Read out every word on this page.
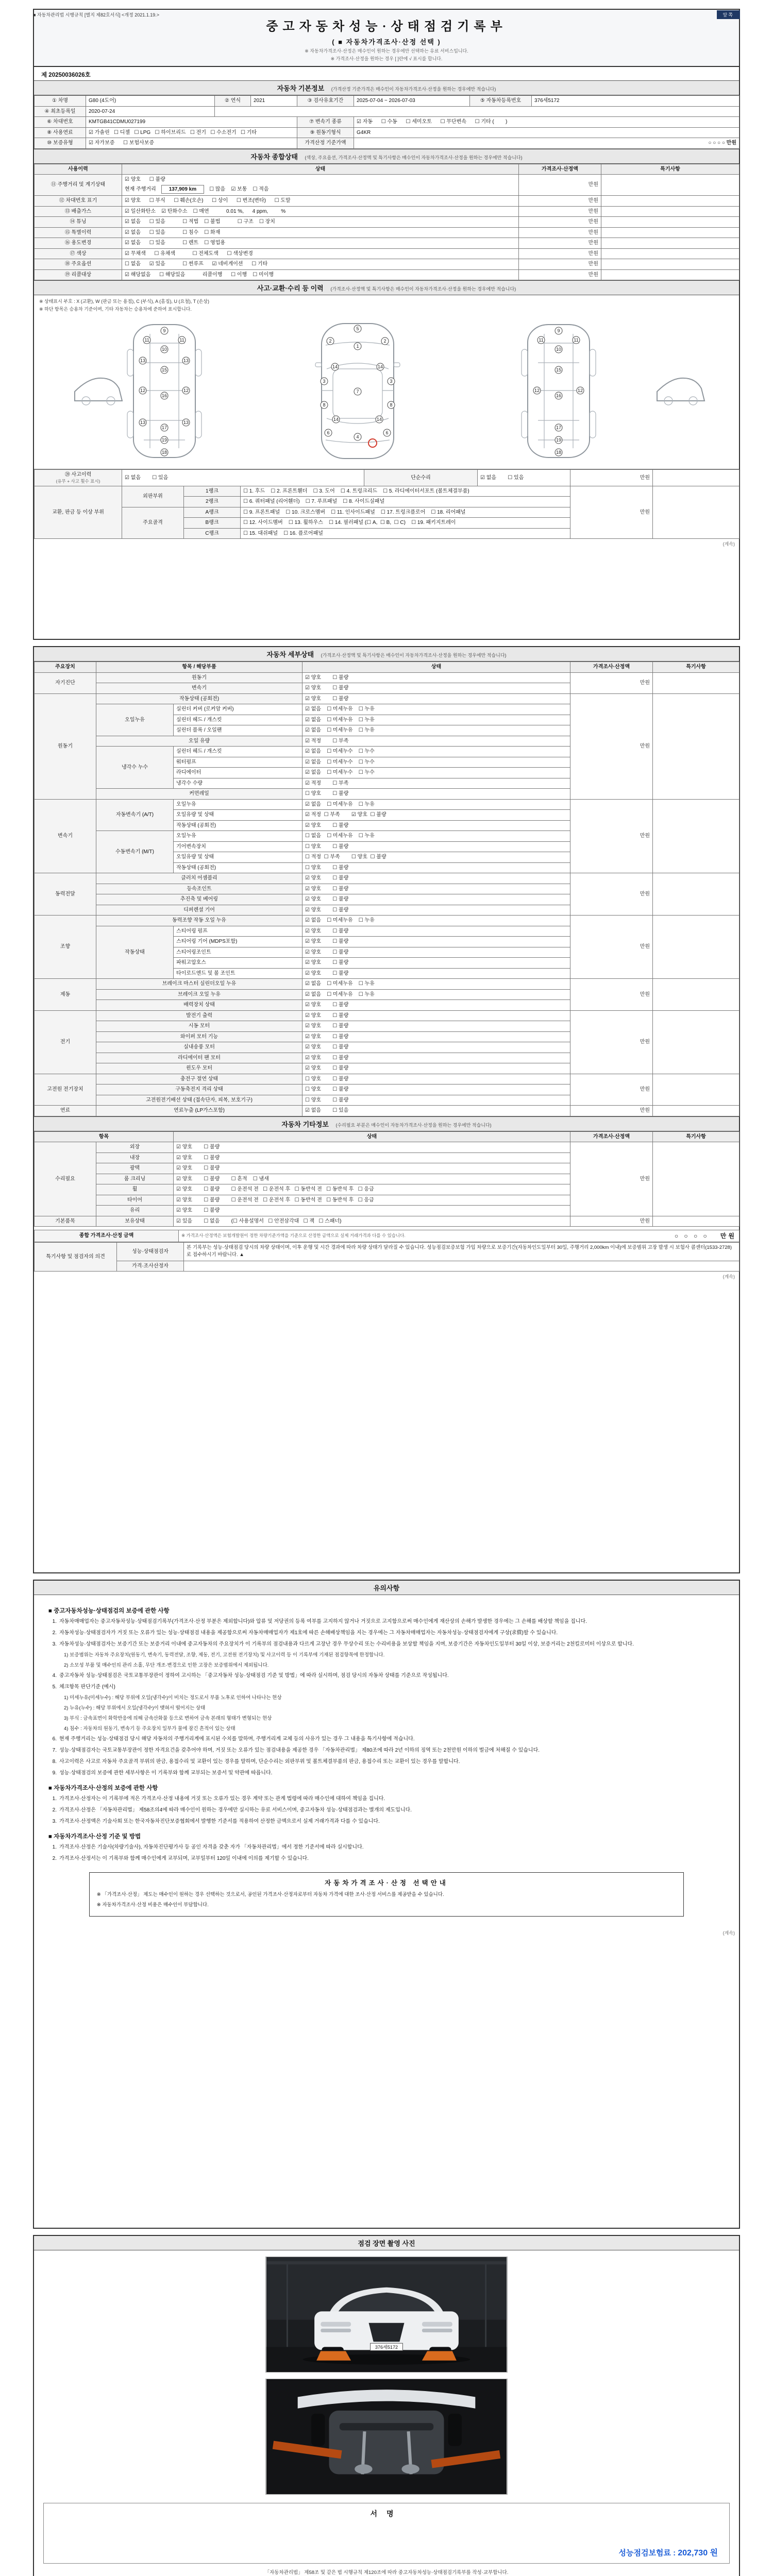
■ 자동차관리법 시행규칙 [별지 제82호서식] <개정 2021.1.19.>	앞쪽
중고자동차성능·상태점검기록부
( ■ 자동차가격조사·산정 선택 )
※ 자동차가격조사·산정은 매수인이 원하는 경우에만 선택하는 유료 서비스입니다.
※ 가격조사·산정을 원하는 경우 [ ]란에 √ 표시를 합니다.
제 20250036026호
자동차 기본정보 (가격산정 기준가격은 매수인이 자동차가격조사·산정을 원하는 경우에만 적습니다)
① 차명	G80 (4도어)	② 연식	2021	③ 검사유효기간	2025-07-04 ~ 2026-07-03	⑤ 자동차등록번호	376세5172
④ 최초등록일	2020-07-24						
⑥ 차대번호	KMTGB41CDMU027199			⑦ 변속기 종류	☑ 자동      ☐ 수동      ☐ 세미오토      ☐ 무단변속      ☐ 기타 (        )		
⑧ 사용연료	☑ 가솔린   ☐ 디젤   ☐ LPG   ☐ 하이브리드   ☐ 전기   ☐ 수소전기   ☐ 기타			⑨ 원동기형식	G4KR		
⑩ 보증유형	☑ 자가보증      ☐ 보험사보증			가격산정 기준가액	○ ○ ○ ○ 만원		
자동차 종합상태 (색상, 주요옵션, 가격조사·산정액 및 특기사항은 매수인이 자동차가격조사·산정을 원하는 경우에만 적습니다)
사용이력	상태	가격조사·산정액	특기사항
⑪ 주행거리 및 계기상태	☑ 양호      ☐ 불량
현재 주행거리 137,909 km ☐ 많음    ☑ 보통    ☐ 적음	만원	
⑫ 차대번호 표기	☑ 양호      ☐ 부식      ☐ 훼손(오손)      ☐ 상이      ☐ 변조(변타)      ☐ 도말	만원	
⑬ 배출가스	☑ 일산화탄소    ☑ 탄화수소    ☐ 매연            0.01 %,      4 ppm,         %	만원	
⑭ 튜닝	☑ 없음      ☐ 있음            ☐ 적법    ☐ 불법            ☐ 구조    ☐ 장치	만원	
⑮ 특별이력	☑ 없음      ☐ 있음            ☐ 침수    ☐ 화재	만원	
⑯ 용도변경	☑ 없음      ☐ 있음            ☐ 렌트    ☐ 영업용	만원	
⑰ 색상	☑ 무채색      ☐ 유채색            ☐ 전체도색      ☐ 색상변경	만원	
⑱ 주요옵션	☐ 없음      ☑ 있음            ☐ 썬루프      ☑ 네비게이션      ☐ 기타	만원	
⑲ 리콜대상	☑ 해당없음      ☐ 해당있음            리콜이행      ☐ 이행    ☐ 미이행	만원	
사고·교환·수리 등 이력 (가격조사·산정액 및 특기사항은 매수인이 자동차가격조사·산정을 원하는 경우에만 적습니다)
※ 상태표시 부호 : X (교환), W (판금 또는 용접), C (부식), A (흠집), U (요철), T (손상)
※ 하단 항목은 승용차 기준이며, 기타 자동차는 승용차에 준하여 표시합니다.
9
10
11	11
15
13	13
12	12
16
13	13
17
19
18
5
1
2	2
14	14
3	3
7
8	8
14	14
6	6
4
9
10
11	11
15
12	12
16
17
19
18
⑳ 사고이력
(유무 + 사고 횟수 표시)	☑ 없음        ☐ 있음			단순수리	☑ 없음        ☐ 있음	만원	
교환, 판금 등 이상 부위	외판부위	1랭크	☐ 1. 후드    ☐ 2. 프론트휀더    ☐ 3. 도어    ☐ 4. 트렁크리드    ☐ 5. 라디에이터서포트 (볼트체결부품)			만원	
		2랭크	☐ 6. 쿼터패널 (리어휀더)    ☐ 7. 루프패널    ☐ 8. 사이드실패널				
	주요골격	A랭크	☐ 9. 프론트패널    ☐ 10. 크로스멤버    ☐ 11. 인사이드패널    ☐ 17. 트렁크플로어    ☐ 18. 리어패널				
		B랭크	☐ 12. 사이드멤버    ☐ 13. 휠하우스    ☐ 14. 필러패널 (☐ A,  ☐ B,  ☐ C)    ☐ 19. 패키지트레이				
		C랭크	☐ 15. 대쉬패널    ☐ 16. 플로어패널				
(계속)
자동차 세부상태 (가격조사·산정액 및 특기사항은 매수인이 자동차가격조사·산정을 원하는 경우에만 적습니다)
주요장치	항목 / 해당부품		상태	가격조사·산정액	특기사항
자기진단	원동기		☑ 양호        ☐ 불량	만원	
	변속기		☑ 양호        ☐ 불량		
원동기	작동상태 (공회전)		☑ 양호        ☐ 불량	만원	
	오일누유	실린더 커버 (로커암 커버)	☑ 없음    ☐ 미세누유    ☐ 누유		
		실린더 헤드 / 개스킷	☑ 없음    ☐ 미세누유    ☐ 누유		
		실린더 블록 / 오일팬	☑ 없음    ☐ 미세누유    ☐ 누유		
	오일 유량		☑ 적정        ☐ 부족		
	냉각수 누수	실린더 헤드 / 개스킷	☑ 없음    ☐ 미세누수    ☐ 누수		
		워터펌프	☑ 없음    ☐ 미세누수    ☐ 누수		
		라디에이터	☑ 없음    ☐ 미세누수    ☐ 누수		
		냉각수 수량	☑ 적정        ☐ 부족		
	커먼레일		☐ 양호        ☐ 불량		
변속기	자동변속기 (A/T)	오일누유	☑ 없음    ☐ 미세누유    ☐ 누유	만원	
		오일유량 및 상태	☑ 적정  ☐ 부족        ☑ 양호  ☐ 불량		
		작동상태 (공회전)	☑ 양호        ☐ 불량		
	수동변속기 (M/T)	오일누유	☐ 없음    ☐ 미세누유    ☐ 누유		
		기어변속장치	☐ 양호        ☐ 불량		
		오일유량 및 상태	☐ 적정  ☐ 부족        ☐ 양호  ☐ 불량		
		작동상태 (공회전)	☐ 양호        ☐ 불량		
동력전달	클러치 어셈블리		☑ 양호        ☐ 불량	만원	
	등속조인트		☑ 양호        ☐ 불량		
	추진축 및 베어링		☑ 양호        ☐ 불량		
	디퍼렌셜 기어		☑ 양호        ☐ 불량		
조향	동력조향 작동 오일 누유		☑ 없음    ☐ 미세누유    ☐ 누유	만원	
	작동상태	스티어링 펌프	☑ 양호        ☐ 불량		
		스티어링 기어 (MDPS포함)	☑ 양호        ☐ 불량		
		스티어링조인트	☑ 양호        ☐ 불량		
		파워고압호스	☑ 양호        ☐ 불량		
		타이로드엔드 및 볼 조인트	☑ 양호        ☐ 불량		
제동	브레이크 마스터 실린더오일 누유		☑ 없음    ☐ 미세누유    ☐ 누유	만원	
	브레이크 오일 누유		☑ 없음    ☐ 미세누유    ☐ 누유		
	배력장치 상태		☑ 양호        ☐ 불량		
전기	발전기 출력		☑ 양호        ☐ 불량	만원	
	시동 모터		☑ 양호        ☐ 불량		
	와이퍼 모터 기능		☑ 양호        ☐ 불량		
	실내송풍 모터		☑ 양호        ☐ 불량		
	라디에이터 팬 모터		☑ 양호        ☐ 불량		
	윈도우 모터		☑ 양호        ☐ 불량		
고전원 전기장치	충전구 절연 상태		☐ 양호        ☐ 불량	만원	
	구동축전지 격리 상태		☐ 양호        ☐ 불량		
	고전원전기배선 상태 (접속단자, 피복, 보호기구)		☐ 양호        ☐ 불량		
연료	연료누출 (LP가스포함)		☑ 없음        ☐ 있음	만원	
자동차 기타정보 (수리필요 부분은 매수인이 자동차가격조사·산정을 원하는 경우에만 적습니다)
항목		상태	가격조사·산정액	특기사항
수리필요	외장	☑ 양호        ☐ 불량	만원	
	내장	☑ 양호        ☐ 불량		
	광택	☑ 양호        ☐ 불량		
	룸 크리닝	☑ 양호        ☐ 불량        ☐ 흔적    ☐ 냄새		
	휠	☑ 양호        ☐ 불량        ☐ 운전석 전   ☐ 운전석 후   ☐ 동반석 전   ☐ 동반석 후   ☐ 응급		
	타이어	☑ 양호        ☐ 불량        ☐ 운전석 전   ☐ 운전석 후   ☐ 동반석 전   ☐ 동반석 후   ☐ 응급		
	유리	☑ 양호        ☐ 불량		
기본품목	보유상태	☑ 있음        ☐ 없음        (☐ 사용설명서   ☐ 안전삼각대   ☐ 잭   ☐ 스패너)	만원	
종합 가격조사·산정 금액	※ 가격조사·산정액은 보험개발원이 정한 차량기준가액을 기준으로 산정한 금액으로 실제 거래가격과 다를 수 있습니다.	○ ○ ○ ○   만원
특기사항 및 점검자의 의견	성능·상태점검자	본 기록부는 성능·상태점검 당시의 차량 상태이며, 이후 운행 및 시간 경과에 따라 차량 상태가 달라질 수 있습니다. 성능점검보증보험 가입 차량으로 보증기간(자동차인도일부터 30일, 주행거리 2,000km 이내)에 보증범위 고장 발생 시 보험사 콜센터(1533-2728)로 접수하시기 바랍니다. ▲
	가격·조사산정자	
(계속)
유의사항
■ 중고자동차성능·상태점검의 보증에 관한 사항
1. 자동차매매업자는 중고자동차성능·상태점검기록부(가격조사·산정 부분은 제외합니다)와 압류 및 저당권의 등록 여부를 고지하지 않거나 거짓으로 고지함으로써 매수인에게 재산상의 손해가 발생한 경우에는 그 손해를 배상할 책임을 집니다.
2. 자동차성능·상태점검자가 거짓 또는 오류가 있는 성능·상태점검 내용을 제공함으로써 자동차매매업자가 제1호에 따른 손해배상책임을 지는 경우에는 그 자동차매매업자는 자동차성능·상태점검자에게 구상(求償)할 수 있습니다.
3. 자동차성능·상태점검자는 보증기간 또는 보증거리 이내에 중고자동차의 주요장치가 이 기록부의 점검내용과 다르게 고장난 경우 무상수리 또는 수리비용을 보상할 책임을 지며, 보증기간은 자동차인도일부터 30일 이상, 보증거리는 2천킬로미터 이상으로 합니다.
1) 보증범위는 자동차 주요장치(원동기, 변속기, 동력전달, 조향, 제동, 전기, 고전원 전기장치) 및 사고이력 등 이 기록부에 기재된 점검항목에 한정합니다.
2) 소모성 부품 및 매수인의 관리 소홀, 무단 개조·변경으로 인한 고장은 보증범위에서 제외됩니다.
4. 중고자동차 성능·상태점검은 국토교통부장관이 정하여 고시하는 「중고자동차 성능·상태점검 기준 및 방법」에 따라 실시하며, 점검 당시의 자동차 상태를 기준으로 작성됩니다.
5. 체크항목 판단기준 (예시)
1) 미세누유(미세누수) : 해당 부위에 오일(냉각수)이 비치는 정도로서 부품 노후로 인하여 나타나는 현상
2) 누유(누수) : 해당 부위에서 오일(냉각수)이 맺혀서 떨어지는 상태
3) 부식 : 금속표면이 화학반응에 의해 금속산화물 등으로 변하여 금속 본래의 형태가 변형되는 현상
4) 침수 : 자동차의 원동기, 변속기 등 주요장치 일부가 물에 잠긴 흔적이 있는 상태
6. 현재 주행거리는 성능·상태점검 당시 해당 자동차의 주행거리계에 표시된 수치를 말하며, 주행거리계 교체 등의 사유가 있는 경우 그 내용을 특기사항에 적습니다.
7. 성능·상태점검자는 국토교통부장관이 정한 자격요건을 갖추어야 하며, 거짓 또는 오류가 있는 점검내용을 제공한 경우 「자동차관리법」 제80조에 따라 2년 이하의 징역 또는 2천만원 이하의 벌금에 처해질 수 있습니다.
8. 사고이력은 사고로 자동차 주요골격 부위의 판금, 용접수리 및 교환이 있는 경우를 말하며, 단순수리는 외판부위 및 볼트체결부품의 판금, 용접수리 또는 교환이 있는 경우를 말합니다.
9. 성능·상태점검의 보증에 관한 세부사항은 이 기록부와 함께 교부되는 보증서 및 약관에 따릅니다.
■ 자동차가격조사·산정의 보증에 관한 사항
1. 가격조사·산정자는 이 기록부에 적은 가격조사·산정 내용에 거짓 또는 오류가 있는 경우 계약 또는 관계 법령에 따라 매수인에 대하여 책임을 집니다.
2. 가격조사·산정은 「자동차관리법」 제58조의4에 따라 매수인이 원하는 경우에만 실시하는 유료 서비스이며, 중고자동차 성능·상태점검과는 별개의 제도입니다.
3. 가격조사·산정액은 기술사회 또는 한국자동차진단보증협회에서 발행한 기준서를 적용하여 산정한 금액으로서 실제 거래가격과 다를 수 있습니다.
■ 자동차가격조사·산정 기준 및 방법
1. 가격조사·산정은 기술사(차량기술사), 자동차진단평가사 등 공인 자격을 갖춘 자가 「자동차관리법」에서 정한 기준서에 따라 실시합니다.
2. 가격조사·산정서는 이 기록부와 함께 매수인에게 교부되며, 교부일부터 120일 이내에 이의를 제기할 수 있습니다.
자동차가격조사·산정 선택안내
※ 「가격조사·산정」 제도는 매수인이 원하는 경우 선택하는 것으로서, 공인된 가격조사·산정자로부터 자동차 가격에 대한 조사·산정 서비스를 제공받을 수 있습니다.
※ 자동차가격조사·산정 비용은 매수인이 부담합니다.
(계속)
점검 장면 촬영 사진
376세5172
서명
성능점검보험료 : 202,730 원
「자동차관리법」 제58조 및 같은 법 시행규칙 제120조에 따라 중고자동차성능·상태점검기록부를 작성·교부합니다.
